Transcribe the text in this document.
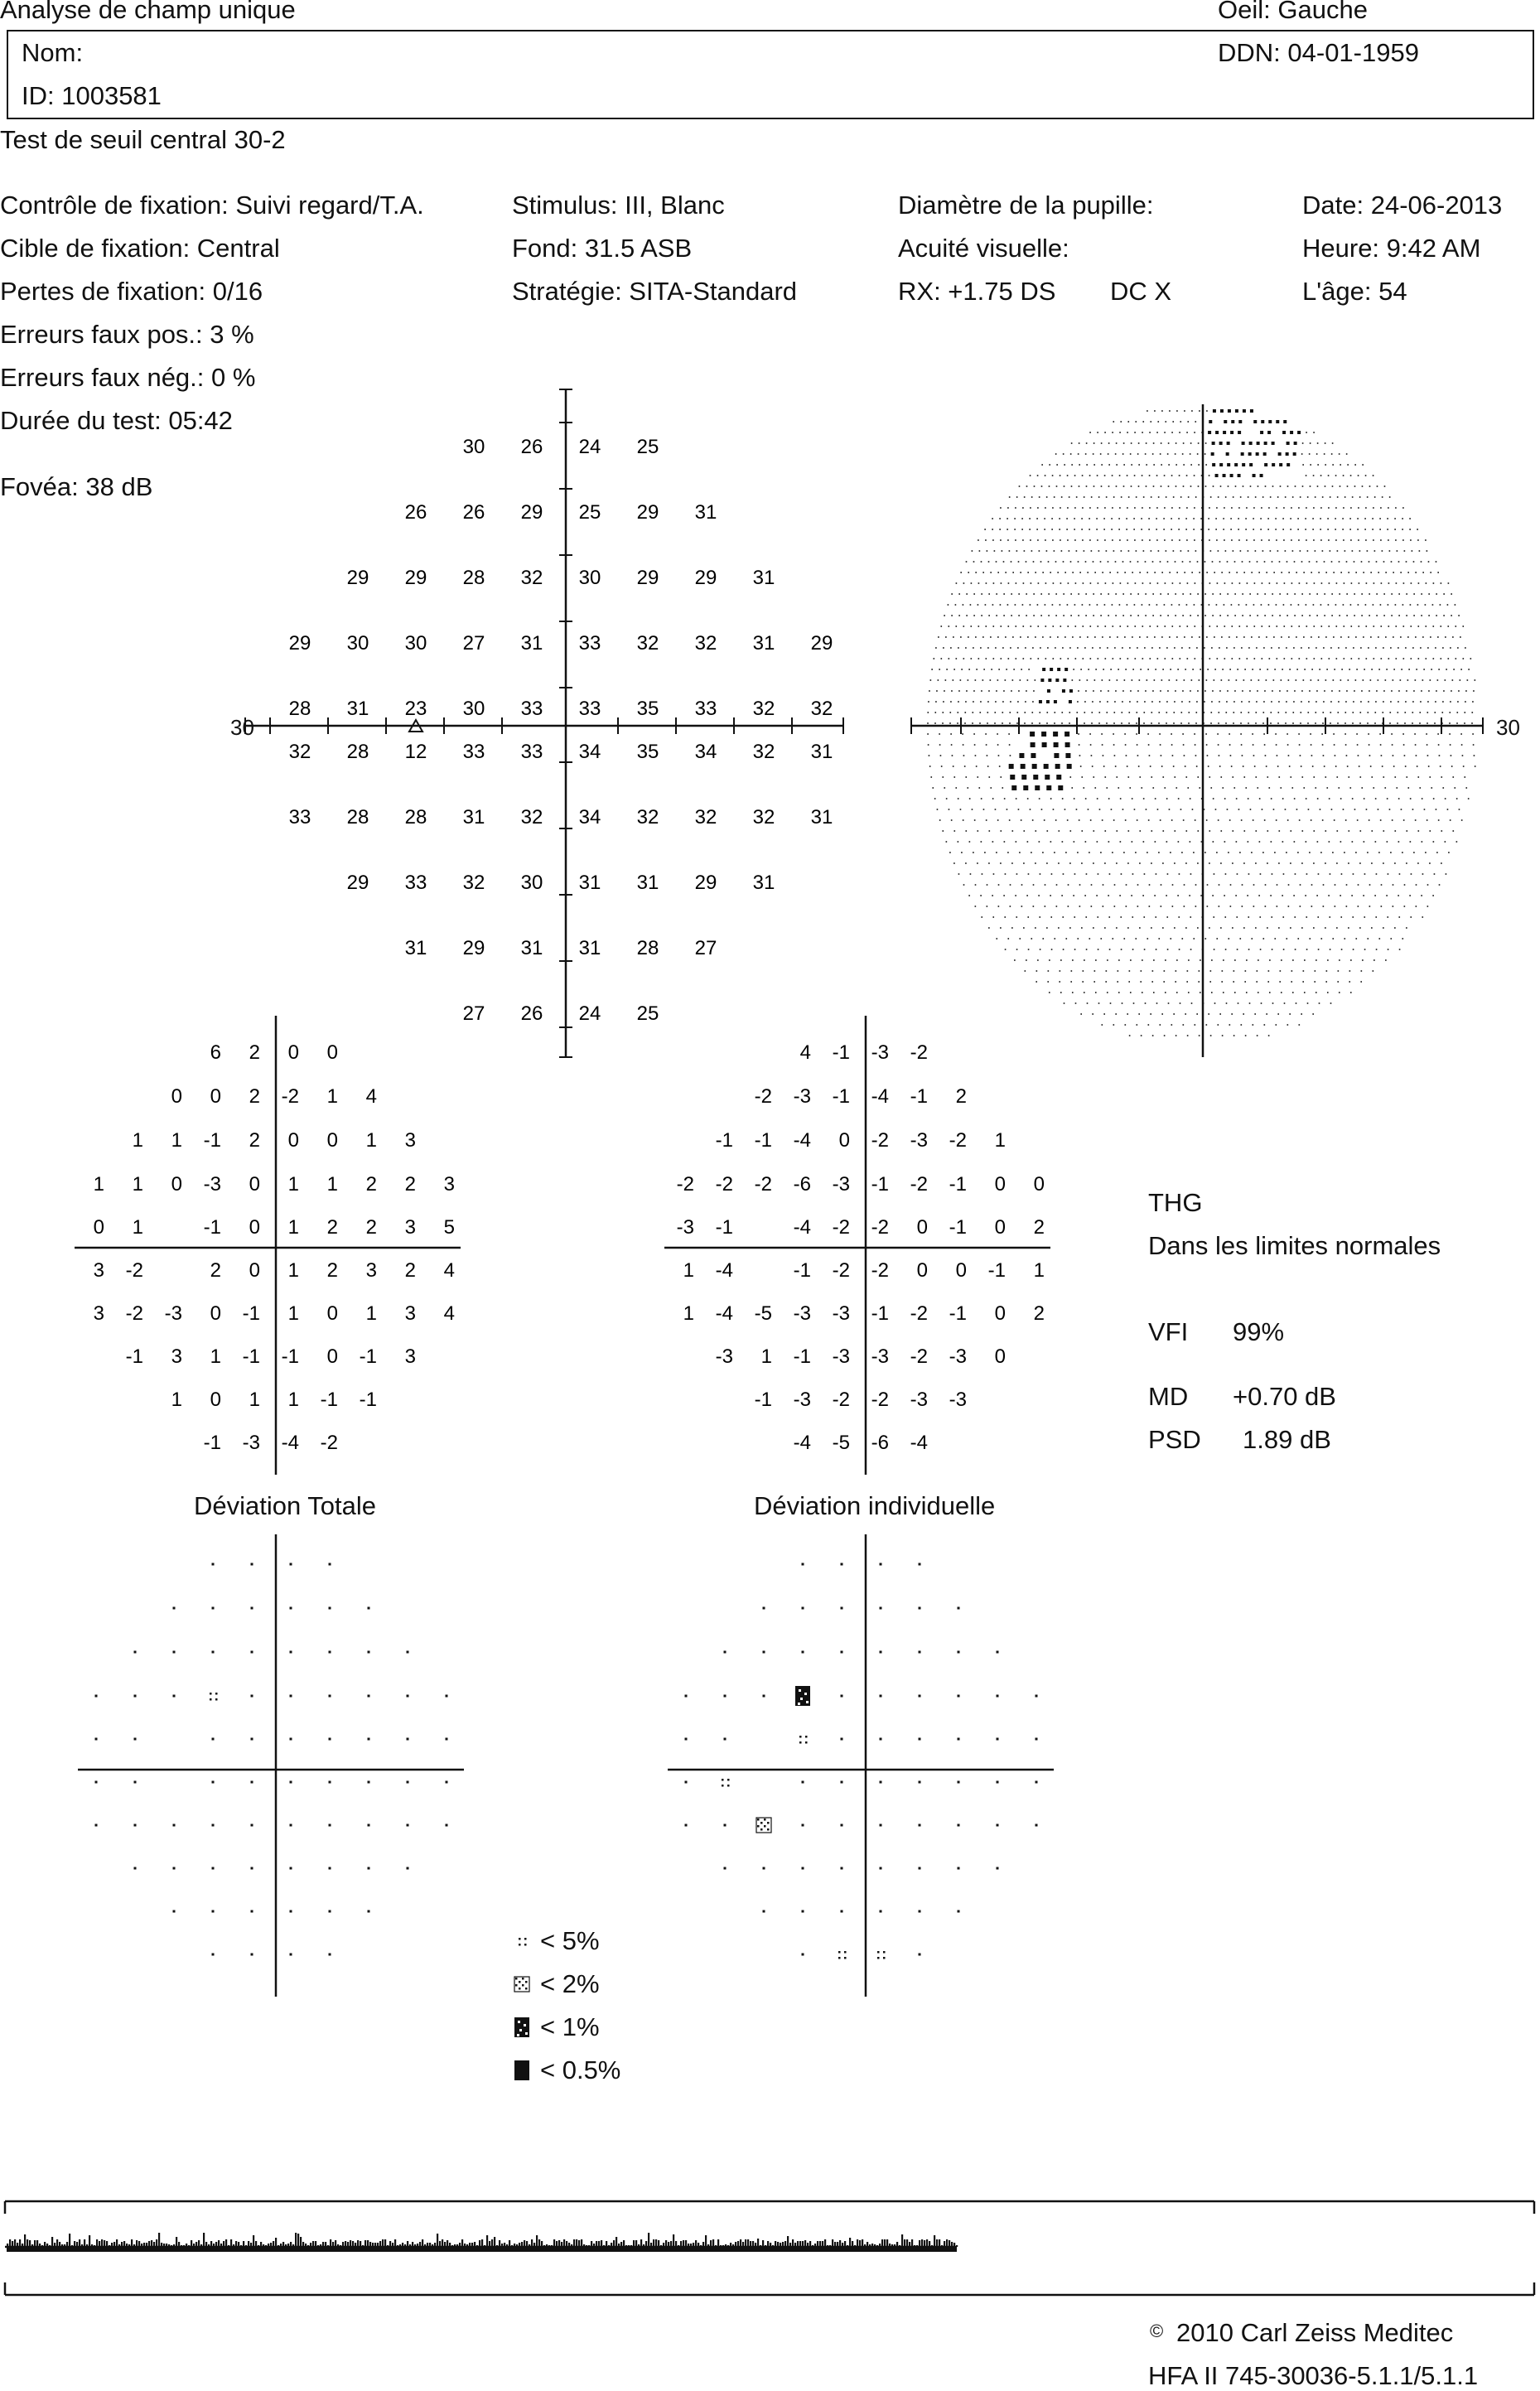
Analyse de champ unique	Oeil: Gauche
Nom:	DDN: 04-01-1959
ID: 1003581
Test de seuil central 30-2
Contrôle de fixation: Suivi regard/T.A.
Cible de fixation: Central
Pertes de fixation: 0/16
Erreurs faux pos.: 3 %
Erreurs faux nég.: 0 %
Durée du test: 05:42
Fovéa: 38 dB
Stimulus: III, Blanc
Fond: 31.5 ASB
Stratégie: SITA-Standard
Diamètre de la pupille:
Acuité visuelle:
RX: +1.75 DS DC X
Date: 24-06-2013
Heure: 9:42 AM
L'âge: 54
30 26 24 25
26 26 29 25 29 31
29 29 28 32 30 29 29 31
29 30 30 27 31 33 32 32 31 29
28 31 23 30 33 33 35 33 32 32
32 28 12 33 33 34 35 34 32 31
33 28 28 31 32 34 32 32 32 31
29 33 32 30 31 31 29 31
31 29 31 31 28 27
27 26 24 25
6 2 0 0
0 0 2 -2 1 4
1 1 -1 2 0 0 1 3
1 1 0 -3 0 1 1 2 2 3
0 1	-1 0 1 2 2 3 5
3 -2	2 0 1 2 3 2 4
3 -2 -3 0 -1 1 0 1 3 4
-1 3 1 -1 -1 0 -1 3
1 0 1 1 -1 -1
-1 -3 -4 -2
4 -1 -3 -2
-2 -3 -1 -4 -1 2
-1 -1 -4 0 -2 -3 -2 1
-2 -2 -2 -6 -3 -1 -2 -1 0 0
-3 -1	-4 -2 -2 0 -1 0 2
1 -4	-1 -2 -2 0 0 -1 1
1 -4 -5 -3 -3 -1 -2 -1 0 2
-3 1 -1 -3 -3 -2 -3 0
-1 -3 -2 -2 -3 -3
-4 -5 -6 -4
30	30
Déviation Totale	Déviation individuelle
< 5%
< 2%
< 1%
< 0.5%
THG
Dans les limites normales
VFI 99%
MD +0.70 dB
PSD 1.89 dB
© 2010 Carl Zeiss Meditec
HFA II 745-30036-5.1.1/5.1.1
